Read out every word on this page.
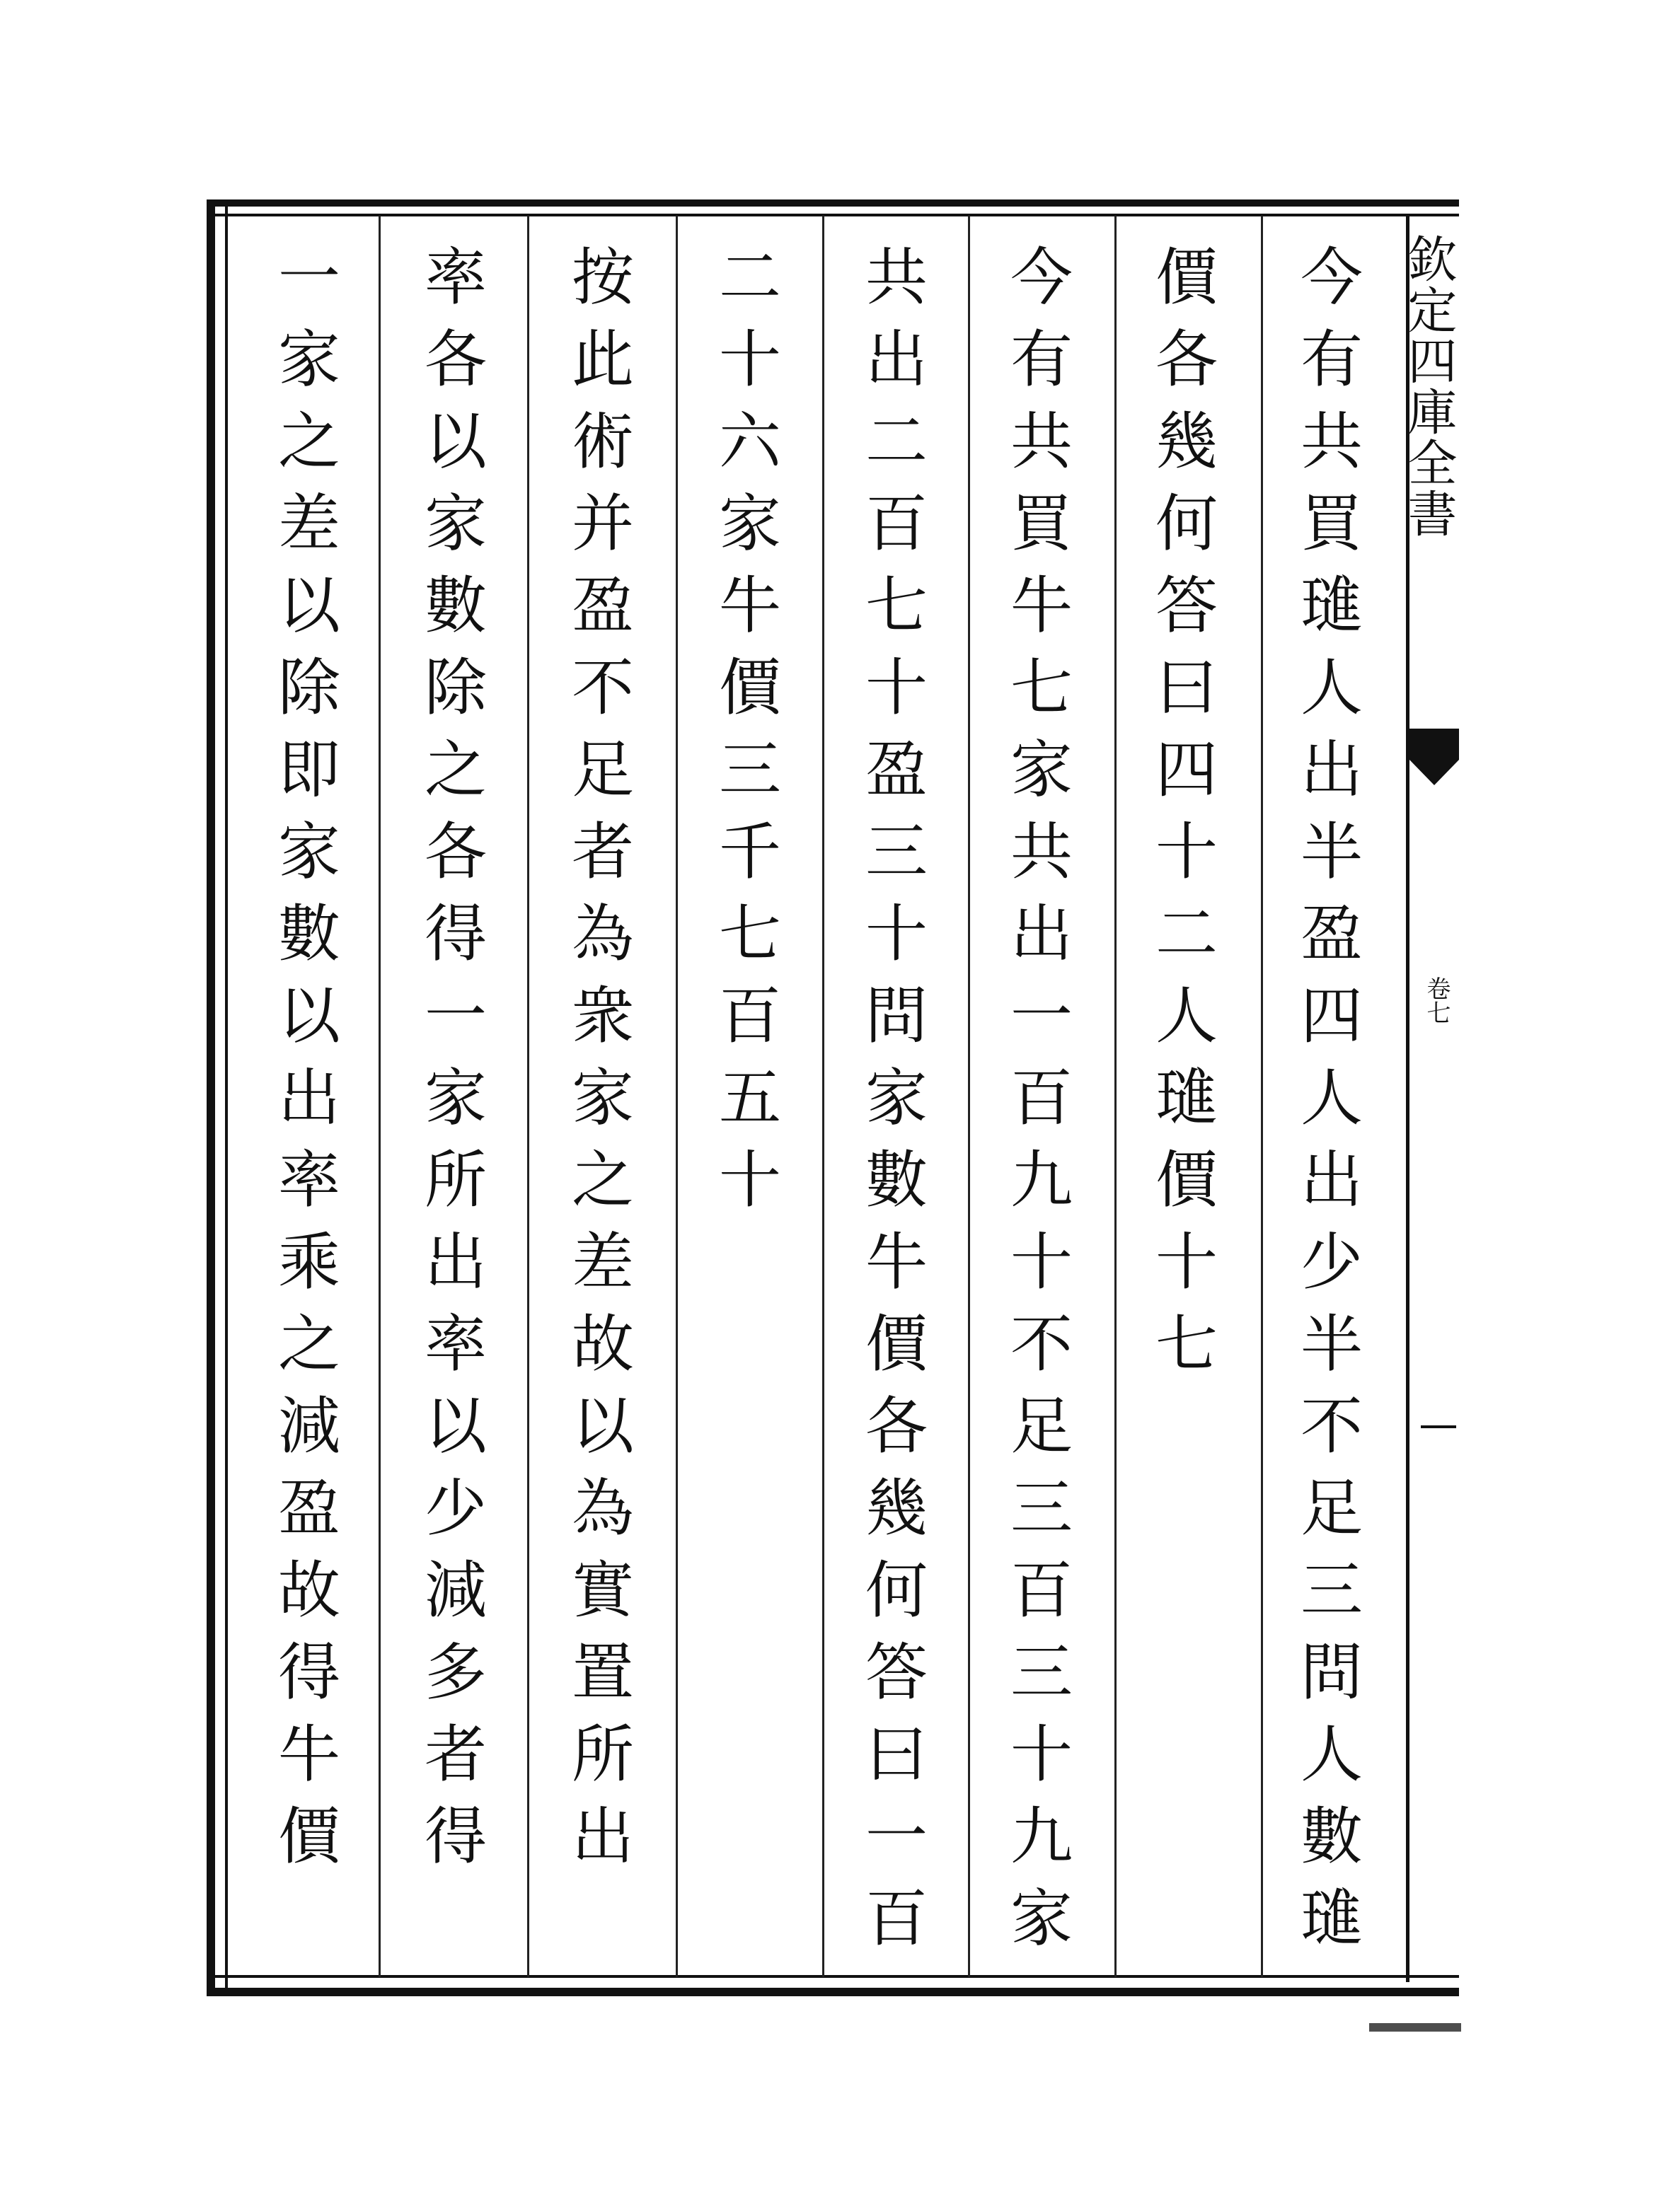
欽定四庫全書
卷七
今有共買璡人出半盈四人出少半不足三問人數璡
價各幾何答曰四十二人璡價十七
今有共買牛七家共出一百九十不足三百三十九家
共出二百七十盈三十問家數牛價各幾何答曰一百
二十六家牛價三千七百五十
按此術并盈不足者為衆家之差故以為實置所出
率各以家數除之各得一家所出率以少減多者得
一家之差以除即家數以出率乘之減盈故得牛價
